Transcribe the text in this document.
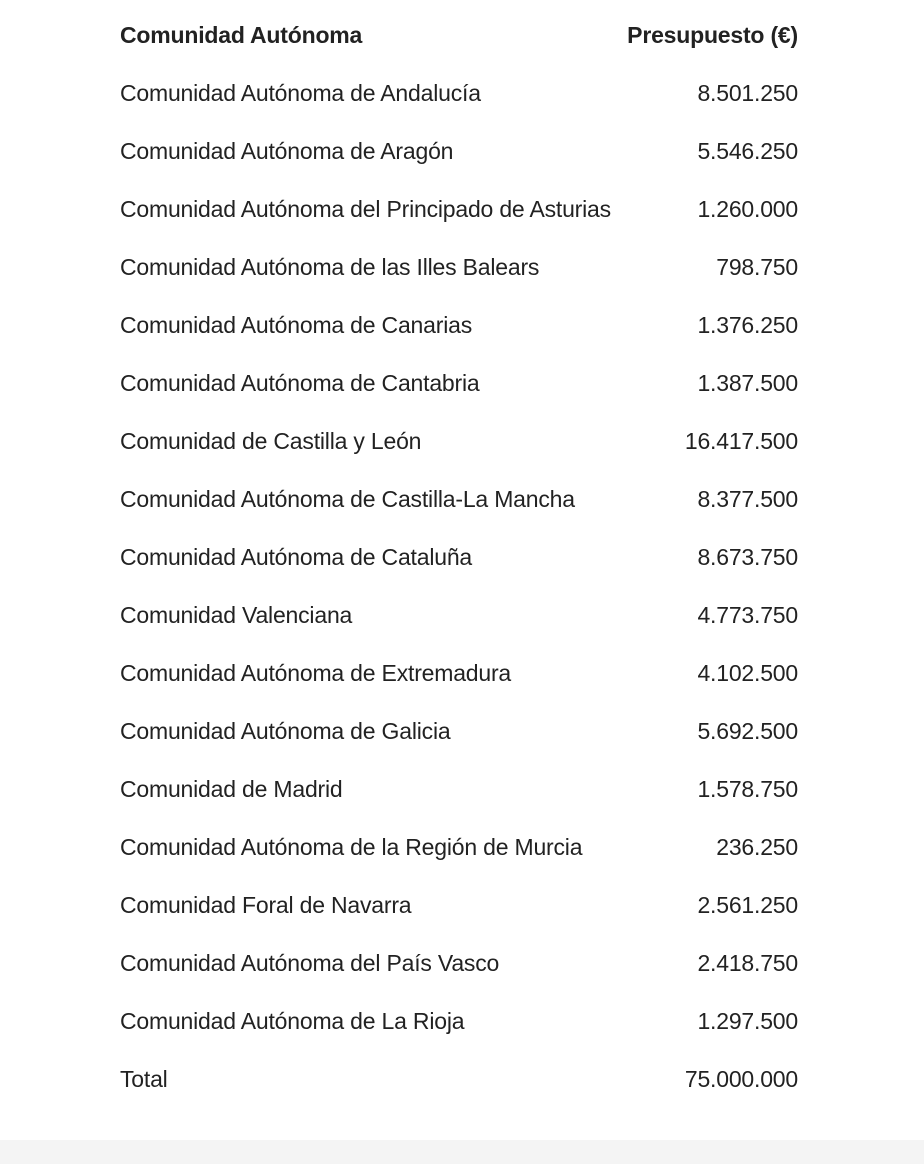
Comunidad Autónoma	Presupuesto (€)
Comunidad Autónoma de Andalucía	8.501.250
Comunidad Autónoma de Aragón	5.546.250
Comunidad Autónoma del Principado de Asturias	1.260.000
Comunidad Autónoma de las Illes Balears	798.750
Comunidad Autónoma de Canarias	1.376.250
Comunidad Autónoma de Cantabria	1.387.500
Comunidad de Castilla y León	16.417.500
Comunidad Autónoma de Castilla-La Mancha	8.377.500
Comunidad Autónoma de Cataluña	8.673.750
Comunidad Valenciana	4.773.750
Comunidad Autónoma de Extremadura	4.102.500
Comunidad Autónoma de Galicia	5.692.500
Comunidad de Madrid	1.578.750
Comunidad Autónoma de la Región de Murcia	236.250
Comunidad Foral de Navarra	2.561.250
Comunidad Autónoma del País Vasco	2.418.750
Comunidad Autónoma de La Rioja	1.297.500
Total	75.000.000
